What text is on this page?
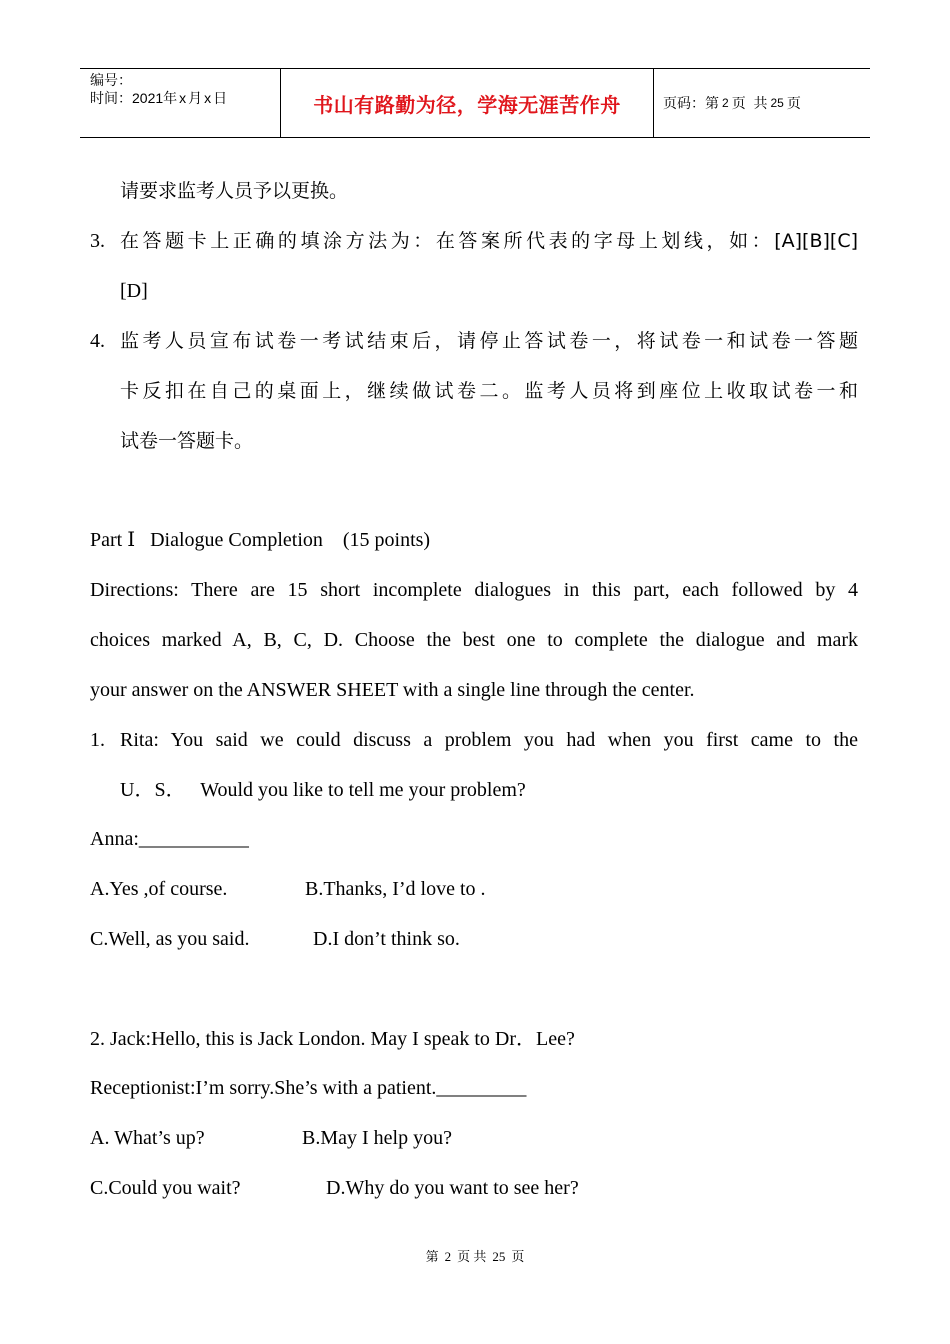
编号：
时间：2021年 x 月 x 日	书山有路勤为径，学海无涯苦作舟	页码：第 2 页  共 25 页
请要求监考人员予以更换。
3. 在答题卡上正确的填涂方法为：在答案所代表的字母上划线，如：[A][B][C]
[D]
4. 监考人员宣布试卷一考试结束后，请停止答试卷一，将试卷一和试卷一答题
卡反扣在自己的桌面上，继续做试卷二。监考人员将到座位上收取试卷一和
试卷一答题卡。
Part Ⅰ   Dialogue Completion    (15 points)
Directions: There are 15 short incomplete dialogues in this part, each followed by 4
choices marked A, B, C, D. Choose the best one to complete the dialogue and mark
your answer on the ANSWER SHEET with a single line through the center.
1. Rita: You said we could discuss a problem you had when you first came to the
U．S．   Would you like to tell me your problem?
Anna:___________
A.Yes ,of course.	B.Thanks, I’d love to .
C.Well, as you said.	D.I don’t think so.
2. Jack:Hello, this is Jack London. May I speak to Dr．Lee?
Receptionist:I’m sorry.She’s with a patient._________
A. What’s up?	B.May I help you?
C.Could you wait?	D.Why do you want to see her?
第 2 页 共 25 页
